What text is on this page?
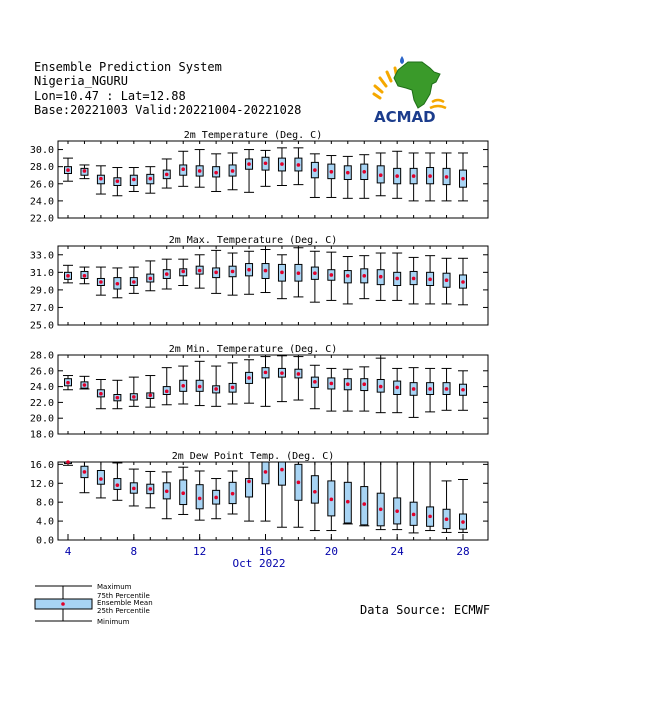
Ensemble Prediction System
Nigeria_NGURU
Lon=10.47 : Lat=12.88
Base:20221003 Valid:20221004-20221028	ACMAD
2m Temperature (Deg. C)
30.0
28.0
26.0
24.0
22.0
2m Max. Temperature (Deg. C)
33.0
31.0
29.0
27.0
25.0
2m Min. Temperature (Deg. C)
28.0
26.0
24.0
22.0
20.0
18.0
2m Dew Point Temp. (Deg. C)
16.0
12.0
8.0
4.0
0.0
4	8	12	16	20	24	28
Oct 2022
Maximum
75th Percentile
Ensemble Mean
25th Percentile
Minimum
Data Source: ECMWF
